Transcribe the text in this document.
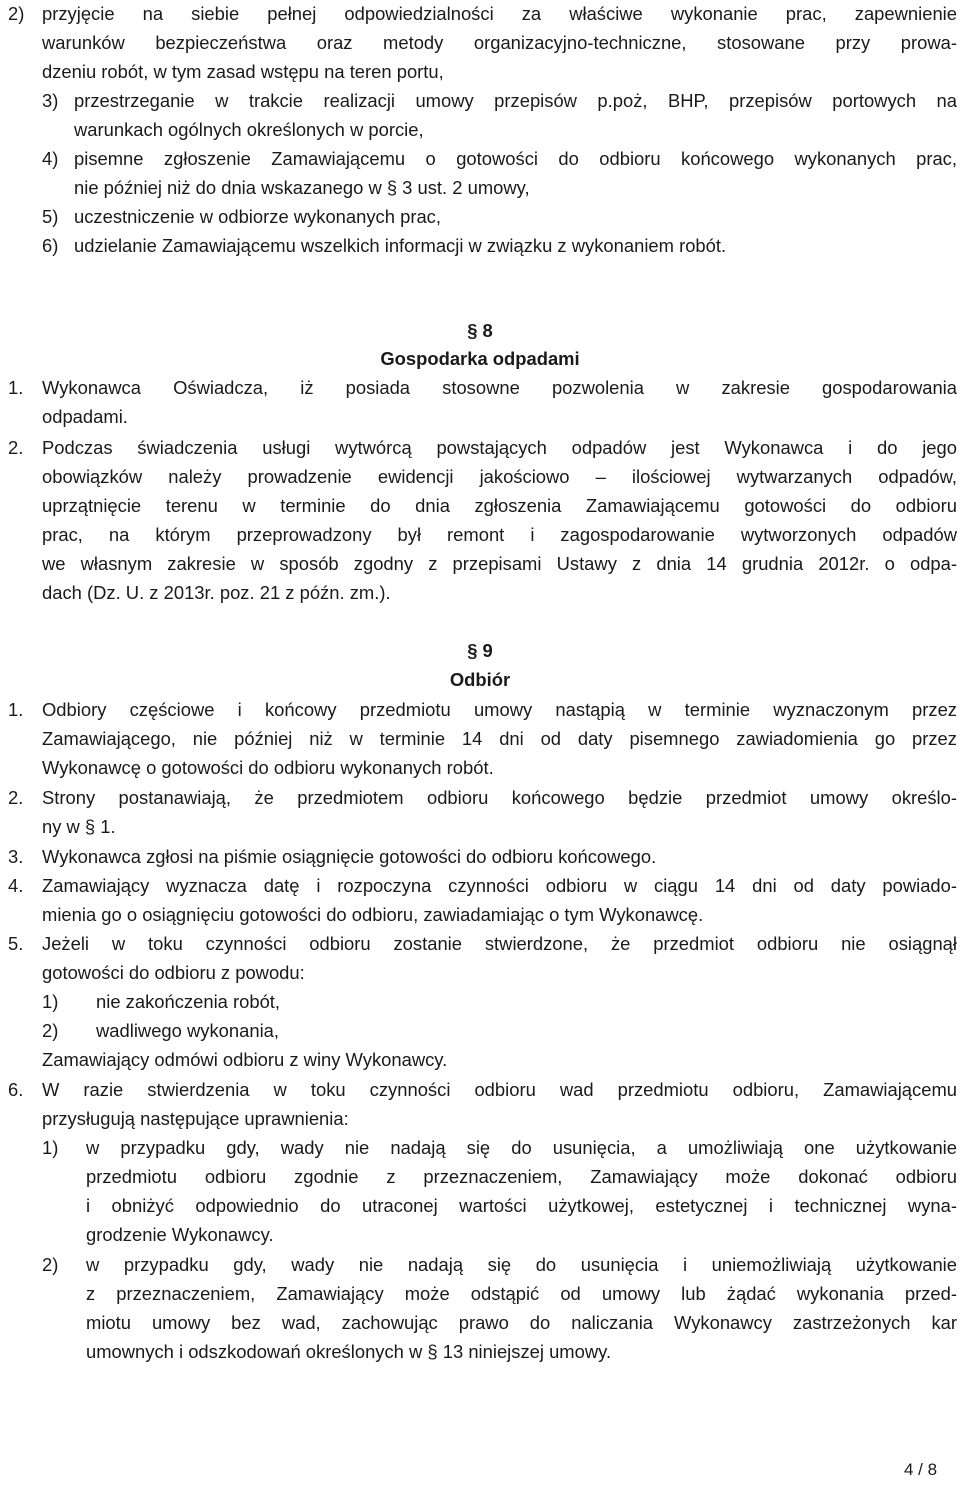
2) przyjęcie na siebie pełnej odpowiedzialności za właściwe wykonanie prac, zapewnienie
warunków bezpieczeństwa oraz metody organizacyjno-techniczne, stosowane przy prowa-
dzeniu robót, w tym zasad wstępu na teren portu,
3) przestrzeganie w trakcie realizacji umowy przepisów p.poż, BHP, przepisów portowych na
warunkach ogólnych określonych w porcie,
4) pisemne zgłoszenie Zamawiającemu o gotowości do odbioru końcowego wykonanych prac,
nie później niż do dnia wskazanego w § 3 ust. 2 umowy,
5) uczestniczenie w odbiorze wykonanych prac,
6) udzielanie Zamawiającemu wszelkich informacji w związku z wykonaniem robót.
§ 8
Gospodarka odpadami
1. Wykonawca Oświadcza, iż posiada stosowne pozwolenia w zakresie gospodarowania
odpadami.
2. Podczas świadczenia usługi wytwórcą powstających odpadów jest Wykonawca i do jego
obowiązków należy prowadzenie ewidencji jakościowo – ilościowej wytwarzanych odpadów,
uprzątnięcie terenu w terminie do dnia zgłoszenia Zamawiającemu gotowości do odbioru
prac, na którym przeprowadzony był remont i zagospodarowanie wytworzonych odpadów
we własnym zakresie w sposób zgodny z przepisami Ustawy z dnia 14 grudnia 2012r. o odpa-
dach (Dz. U. z 2013r. poz. 21 z późn. zm.).
§ 9
Odbiór
1. Odbiory częściowe i końcowy przedmiotu umowy nastąpią w terminie wyznaczonym przez
Zamawiającego, nie później niż w terminie 14 dni od daty pisemnego zawiadomienia go przez
Wykonawcę o gotowości do odbioru wykonanych robót.
2. Strony postanawiają, że przedmiotem odbioru końcowego będzie przedmiot umowy określo-
ny w § 1.
3. Wykonawca zgłosi na piśmie osiągnięcie gotowości do odbioru końcowego.
4. Zamawiający wyznacza datę i rozpoczyna czynności odbioru w ciągu 14 dni od daty powiado-
mienia go o osiągnięciu gotowości do odbioru, zawiadamiając o tym Wykonawcę.
5. Jeżeli w toku czynności odbioru zostanie stwierdzone, że przedmiot odbioru nie osiągnął
gotowości do odbioru z powodu:
1) nie zakończenia robót,
2) wadliwego wykonania,
Zamawiający odmówi odbioru z winy Wykonawcy.
6. W razie stwierdzenia w toku czynności odbioru wad przedmiotu odbioru, Zamawiającemu
przysługują następujące uprawnienia:
1) w przypadku gdy, wady nie nadają się do usunięcia, a umożliwiają one użytkowanie
przedmiotu odbioru zgodnie z przeznaczeniem, Zamawiający może dokonać odbioru
i obniżyć odpowiednio do utraconej wartości użytkowej, estetycznej i technicznej wyna-
grodzenie Wykonawcy.
2) w przypadku gdy, wady nie nadają się do usunięcia i uniemożliwiają użytkowanie
z przeznaczeniem, Zamawiający może odstąpić od umowy lub żądać wykonania przed-
miotu umowy bez wad, zachowując prawo do naliczania Wykonawcy zastrzeżonych kar
umownych i odszkodowań określonych w § 13 niniejszej umowy.
4 / 8
